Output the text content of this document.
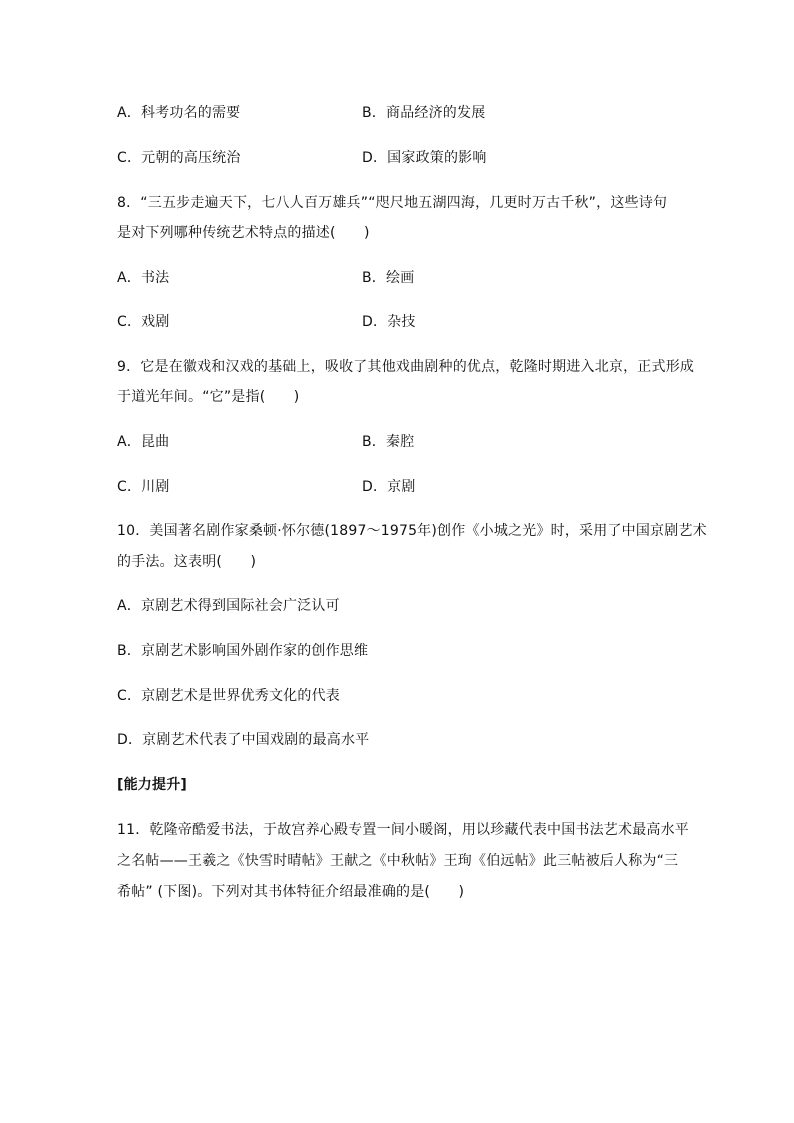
A．科考功名的需要	B．商品经济的发展
C．元朝的高压统治	D．国家政策的影响
8．“三五步走遍天下，七八人百万雄兵”“咫尺地五湖四海，几更时万古千秋”，这些诗句
是对下列哪种传统艺术特点的描述(　　)
A．书法	B．绘画
C．戏剧	D．杂技
9．它是在徽戏和汉戏的基础上，吸收了其他戏曲剧种的优点，乾隆时期进入北京，正式形成
于道光年间。“它”是指(　　)
A．昆曲	B．秦腔
C．川剧	D．京剧
10．美国著名剧作家桑顿·怀尔德(1897～1975年)创作《小城之光》时，采用了中国京剧艺术
的手法。这表明(　　)
A．京剧艺术得到国际社会广泛认可
B．京剧艺术影响国外剧作家的创作思维
C．京剧艺术是世界优秀文化的代表
D．京剧艺术代表了中国戏剧的最高水平
[能力提升]
11．乾隆帝酷爱书法，于故宫养心殿专置一间小暖阁，用以珍藏代表中国书法艺术最高水平
之名帖——王羲之《快雪时晴帖》王献之《中秋帖》王珣《伯远帖》此三帖被后人称为“三
希帖” (下图)。下列对其书体特征介绍最准确的是(　　)
